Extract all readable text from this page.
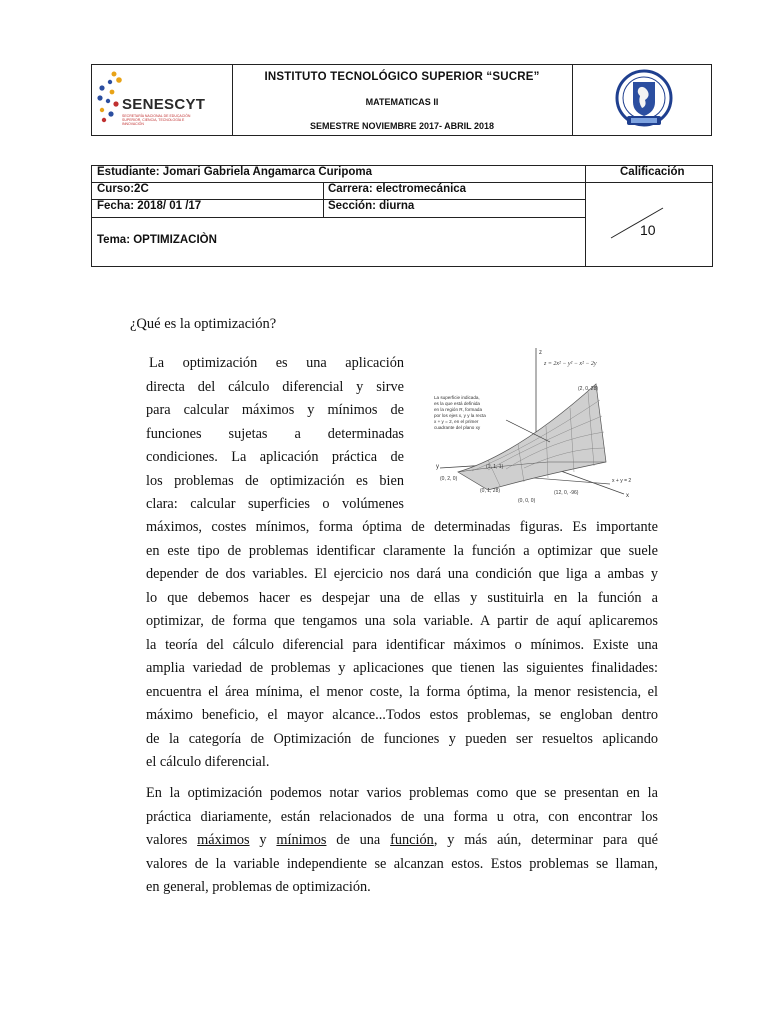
SENESCYT
SECRETARÍA NACIONAL DE EDUCACIÓN SUPERIOR, CIENCIA, TECNOLOGÍA E INNOVACIÓN
INSTITUTO TECNOLÓGICO SUPERIOR “SUCRE”
MATEMATICAS II
SEMESTRE NOVIEMBRE 2017- ABRIL 2018
Estudiante: Jomari Gabriela Angamarca Curipoma	Calificación
Curso:2C	Carrera: electromecánica
Fecha: 2018/ 01 /17	Sección: diurna
Tema: OPTIMIZACIÒN
10
¿Qué es la optimización?
La optimización es una aplicación
directa del cálculo diferencial y sirve
para calcular máximos y mínimos de
funciones sujetas a determinadas
condiciones. La aplicación práctica de
los problemas de optimización es bien
clara: calcular superficies o volúmenes
máximos, costes mínimos, forma óptima de determinadas figuras. Es importante
en este tipo de problemas identificar claramente la función a optimizar que suele
depender de dos variables. El ejercicio nos dará una condición que liga a ambas y
lo que debemos hacer es despejar una de ellas y sustituirla en la función a
optimizar, de forma que tengamos una sola variable. A partir de aquí aplicaremos
la teoría del cálculo diferencial para identificar máximos o mínimos. Existe una
amplia variedad de problemas y aplicaciones que tienen las siguientes finalidades:
encuentra el área mínima, el menor coste, la forma óptima, la menor resistencia, el
máximo beneficio, el mayor alcance...Todos estos problemas, se engloban dentro
de la categoría de Optimización de funciones y pueden ser resueltos aplicando
el cálculo diferencial.
En la optimización podemos notar varios problemas como que se presentan en la
práctica diariamente, están relacionados de una forma u otra, con encontrar los
valores máximos y mínimos de una función, y más aún, determinar para qué
valores de la variable independiente se alcanzan estos. Estos problemas se llaman,
en general, problemas de optimización.
z
z = 2x² − y² − x² − 2y
y
x
La superficie indicada,
es la que está definida
en la región R, formada
por los ejes x, y y la recta
x + y = 2, en el primer
cuadrante del plano xy
(2, 0, 28)
(0, 2, 0)
(1, 1, 1)
(0, 1, 28)
(0, 0, 0)
(12, 0, -96)
x + y = 2
